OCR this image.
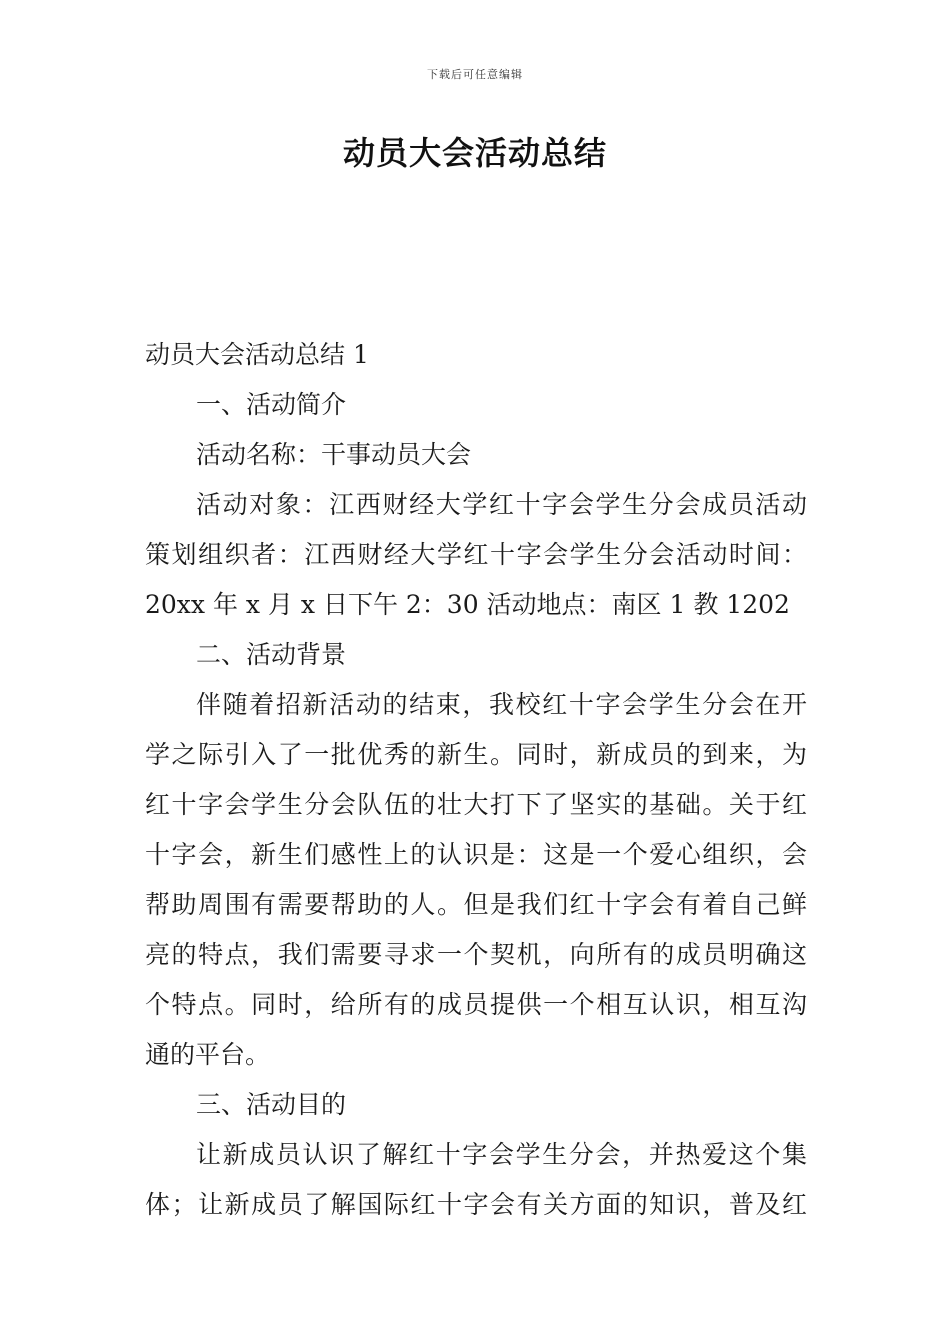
下载后可任意编辑
动员大会活动总结
动员大会活动总结 1
一、活动简介
活动名称：干事动员大会
活动对象：江西财经大学红十字会学生分会成员活动
策划组织者：江西财经大学红十字会学生分会活动时间：
20xx 年 x 月 x 日下午 2：30 活动地点：南区 1 教 1202
二、活动背景
伴随着招新活动的结束，我校红十字会学生分会在开
学之际引入了一批优秀的新生。同时，新成员的到来，为
红十字会学生分会队伍的壮大打下了坚实的基础。关于红
十字会，新生们感性上的认识是：这是一个爱心组织，会
帮助周围有需要帮助的人。但是我们红十字会有着自己鲜
亮的特点，我们需要寻求一个契机，向所有的成员明确这
个特点。同时，给所有的成员提供一个相互认识，相互沟
通的平台。
三、活动目的
让新成员认识了解红十字会学生分会，并热爱这个集
体；让新成员了解国际红十字会有关方面的知识，普及红
